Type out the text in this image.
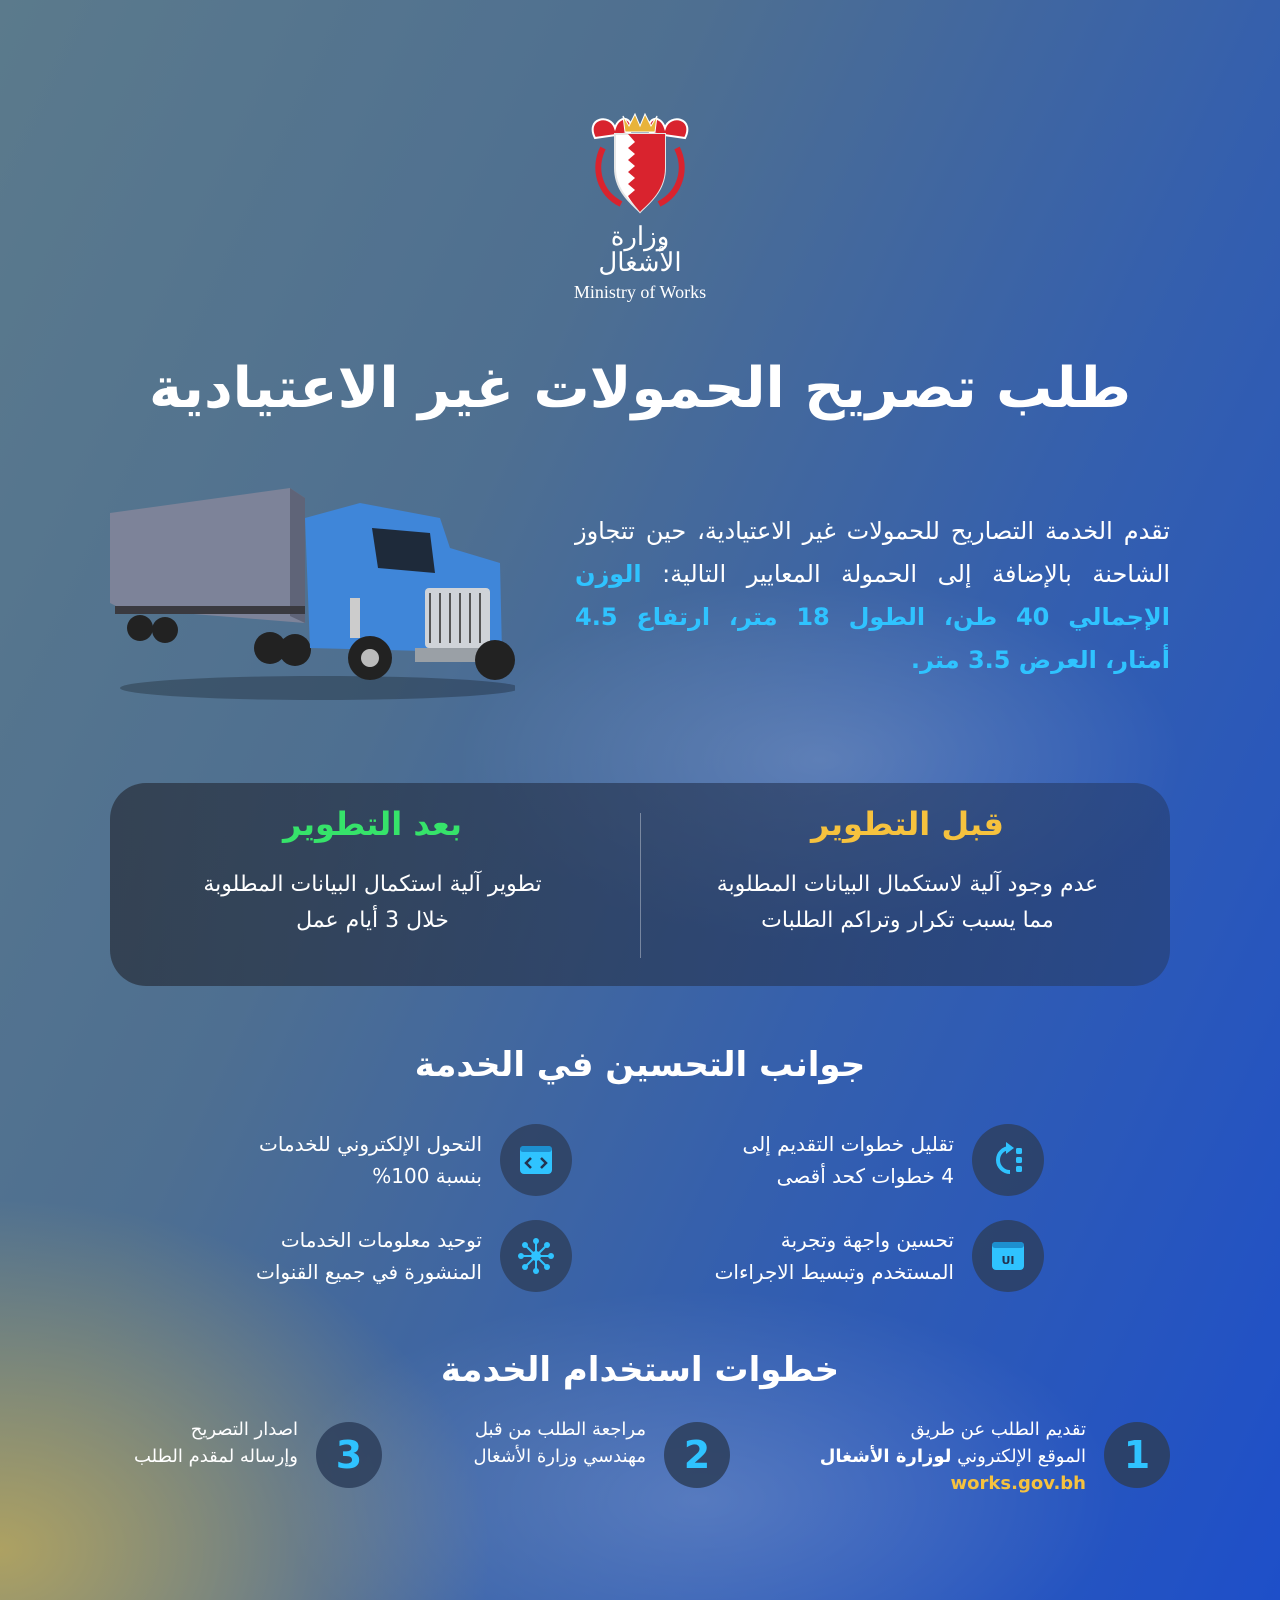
وزارة الأشغال
Ministry of Works
طلب تصريح الحمولات غير الاعتيادية
تقدم الخدمة التصاريح للحمولات غير الاعتيادية، حين تتجاوز الشاحنة بالإضافة إلى الحمولة المعايير التالية: الوزن الإجمالي 40 طن، الطول 18 متر، ارتفاع 4.5 أمتار، العرض 3.5 متر.
قبل التطوير

عدم وجود آلية لاستكمال البيانات المطلوبة
مما يسبب تكرار وتراكم الطلبات

بعد التطوير

تطوير آلية استكمال البيانات المطلوبة
خلال 3 أيام عمل

جوانب التحسين في الخدمة
تقليل خطوات التقديم إلى
4 خطوات كحد أقصى
التحول الإلكتروني للخدمات
بنسبة 100%
UI
تحسين واجهة وتجربة
المستخدم وتبسيط الاجراءات
توحيد معلومات الخدمات
المنشورة في جميع القنوات
خطوات استخدام الخدمة
1
تقديم الطلب عن طريق
الموقع الإلكتروني لوزارة الأشغال
works.gov.bh
2
مراجعة الطلب من قبل
مهندسي وزارة الأشغال
3
اصدار التصريح
وإرساله لمقدم الطلب
